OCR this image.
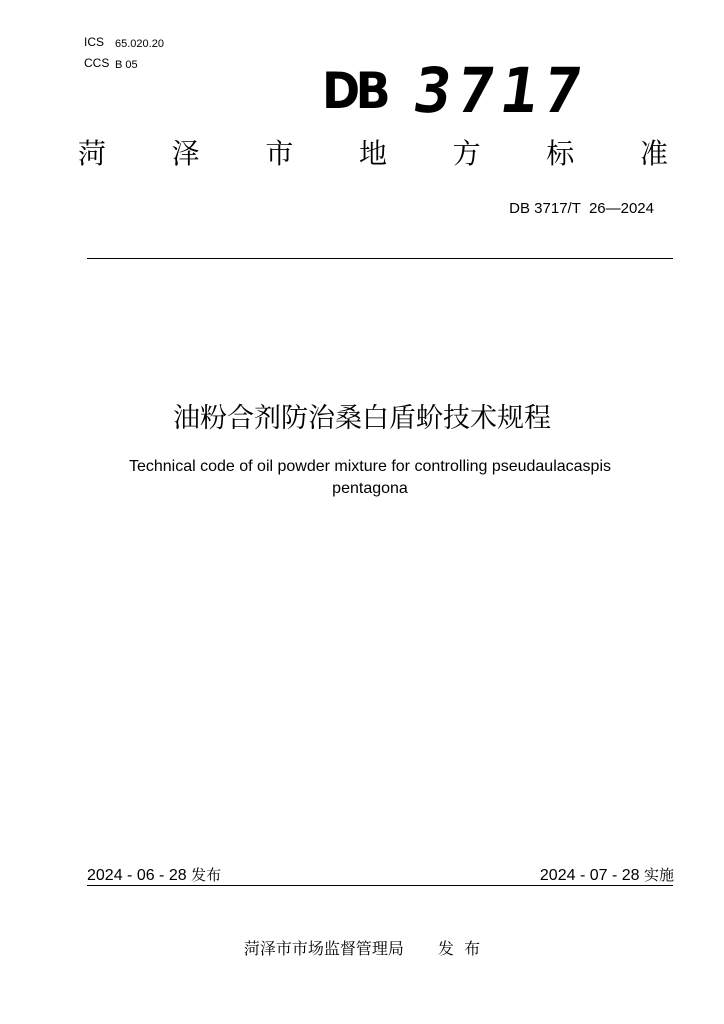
ICS 65.020.20
CCS B 05	DB 3717
菏 泽 市 地 方 标 准
DB 3717/T  26—2024
油粉合剂防治桑白盾蚧技术规程
Technical code of oil powder mixture for controlling pseudaulacaspis pentagona
2024 - 06 - 28 发布	2024 - 07 - 28 实施
菏泽市市场监督管理局 发  布
